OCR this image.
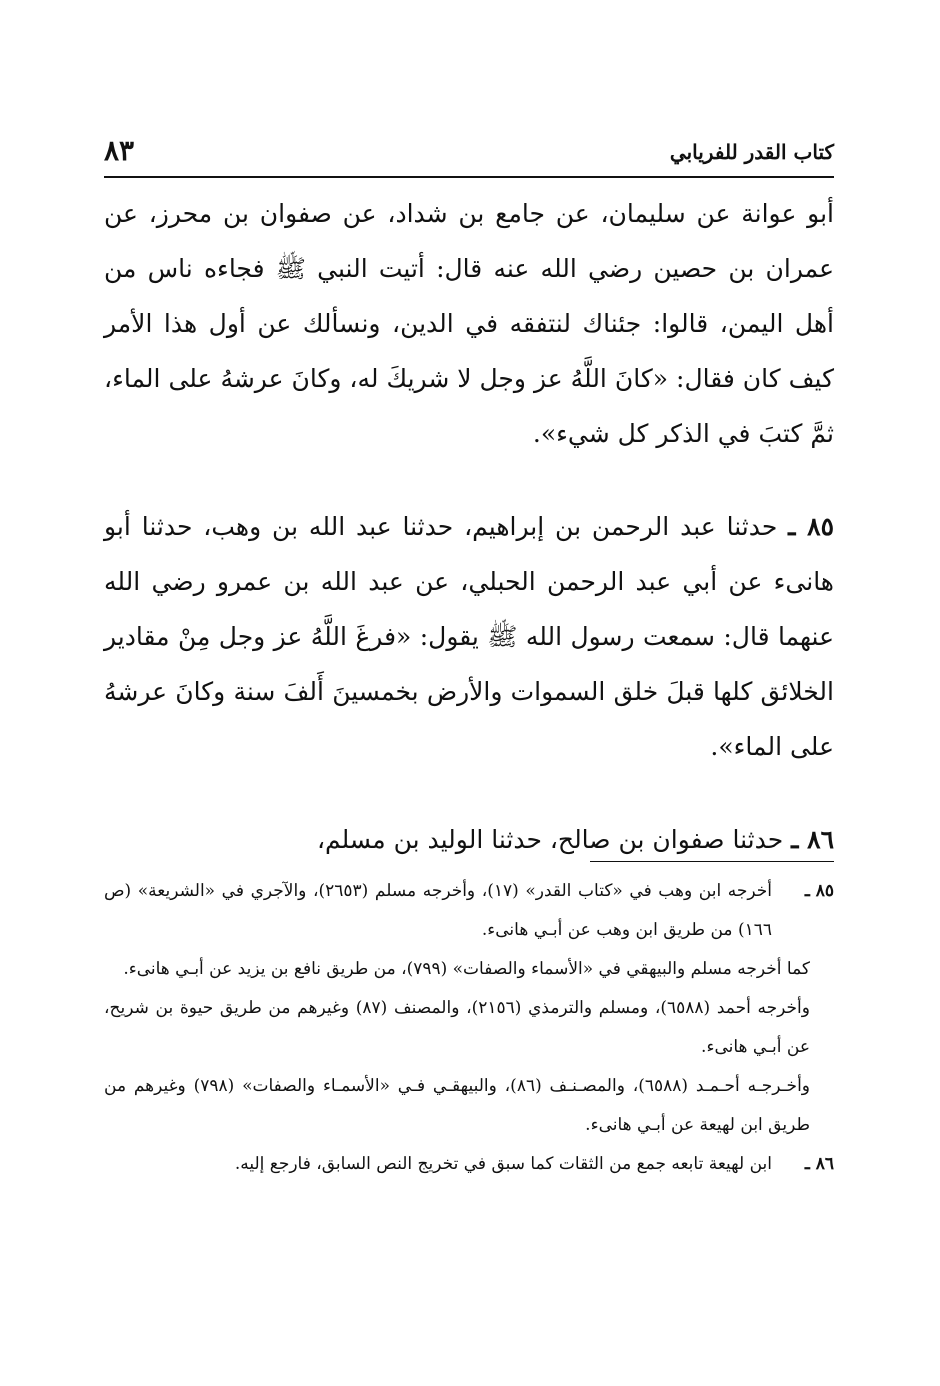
كتاب القدر للفريابي
٨٣

أبو عوانة عن سليمان، عن جامع بن شداد، عن صفوان بن محرز، عن عمران بن حصين رضي الله عنه قال: أتيت النبي ﷺ فجاءه ناس من أهل اليمن، قالوا: جئناك لنتفقه في الدين، ونسألك عن أول هذا الأمر كيف كان فقال: «كانَ اللَّهُ عز وجل لا شريكَ له، وكانَ عرشهُ على الماء، ثمَّ كتبَ في الذكر كل شيء».

٨٥ ـ حدثنا عبد الرحمن بن إبراهيم، حدثنا عبد الله بن وهب، حدثنا أبو هانىء عن أبي عبد الرحمن الحبلي، عن عبد الله بن عمرو رضي الله عنهما قال: سمعت رسول الله ﷺ يقول: «فرغَ اللَّهُ عز وجل مِنْ مقادير الخلائق كلها قبلَ خلق السموات والأرض بخمسينَ أَلفَ سنة وكانَ عرشهُ على الماء».

٨٦ ـ حدثنا صفوان بن صالح، حدثنا الوليد بن مسلم،

٨٥ ـ
أخرجه ابن وهب في «كتاب القدر» (١٧)، وأخرجه مسلم (٢٦٥٣)، والآجري في «الشريعة» (ص ١٦٦) من طريق ابن وهب عن أبـي هانىء.

كما أخرجه مسلم والبيهقي في «الأسماء والصفات» (٧٩٩)، من طريق نافع بن يزيد عن أبـي هانىء.

وأخرجه أحمد (٦٥٨٨)، ومسلم والترمذي (٢١٥٦)، والمصنف (٨٧) وغيرهم من طريق حيوة بن شريح، عن أبـي هانىء.

وأخـرجـه أحـمـد (٦٥٨٨)، والمصـنـف (٨٦)، والبيهقـي فـي «الأسمـاء والصفات» (٧٩٨) وغيرهم من طريق ابن لهيعة عن أبـي هانىء.

٨٦ ـ
ابن لهيعة تابعه جمع من الثقات كما سبق في تخريج النص السابق، فارجع إليه.
